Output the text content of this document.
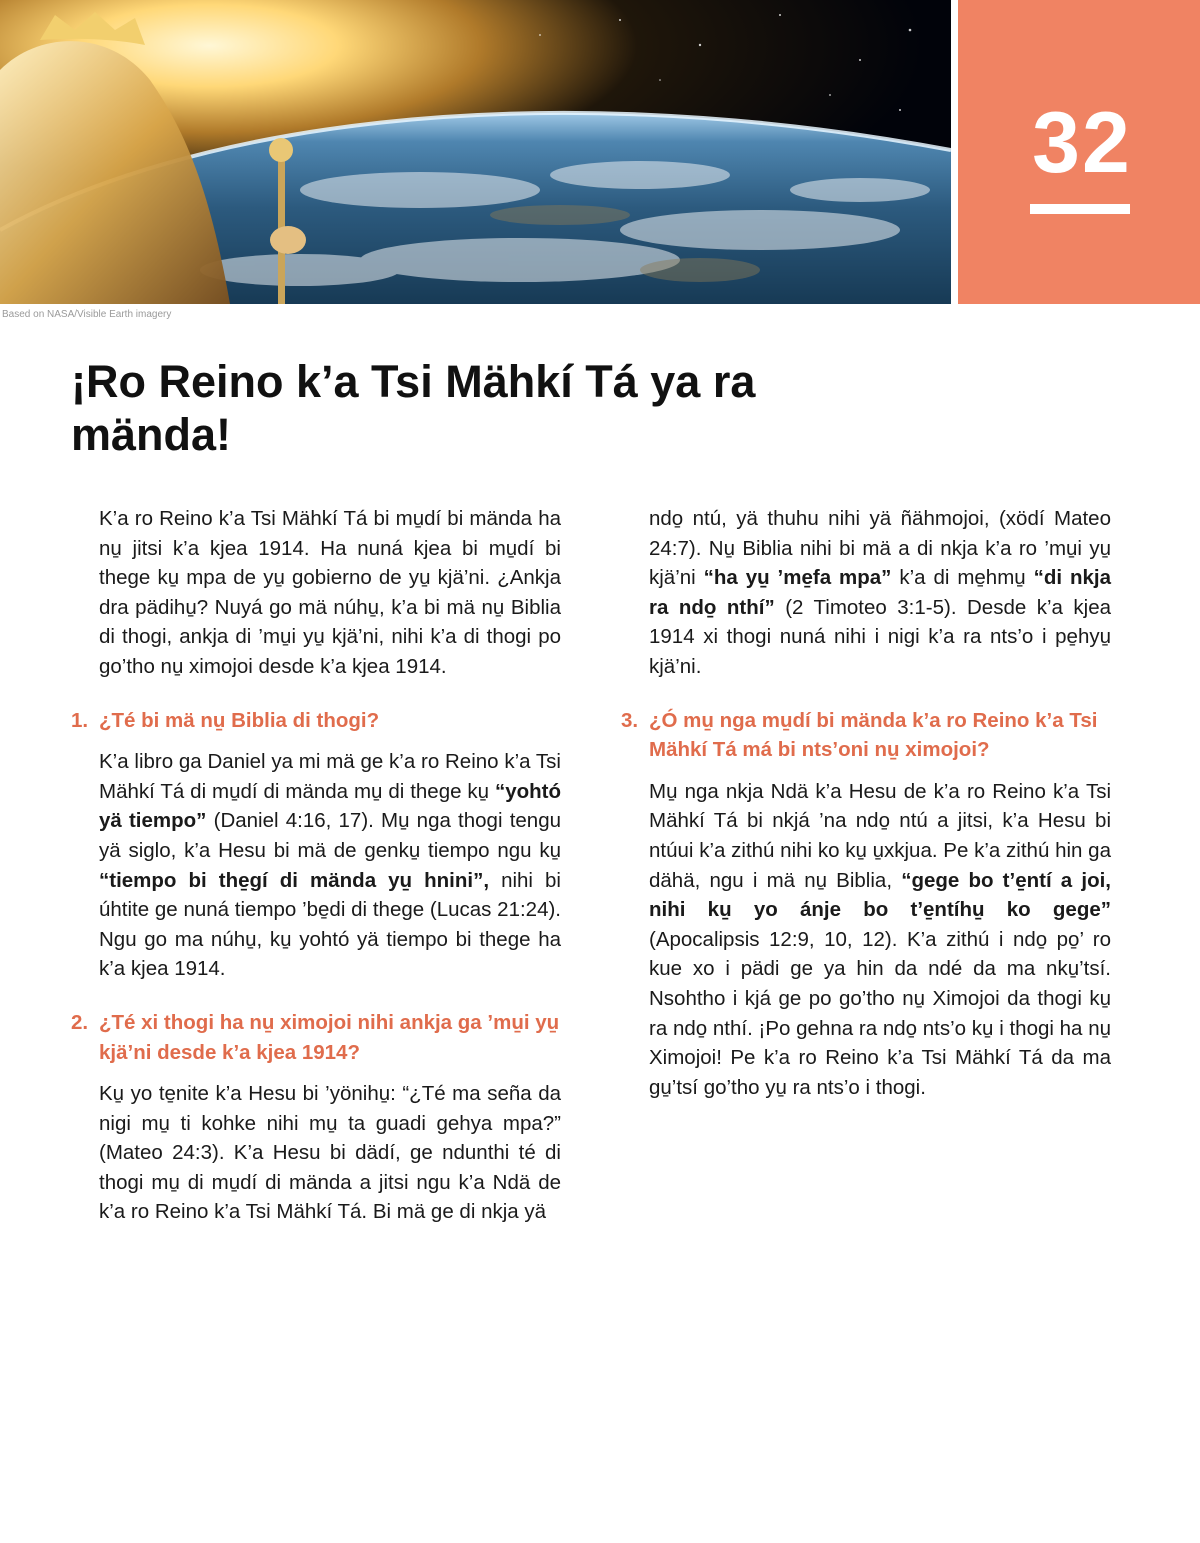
32
Based on NASA/Visible Earth imagery
¡Ro Reino k’a Tsi Mähkí Tá ya ra mända!

K’a ro Reino k’a Tsi Mähkí Tá bi mu̱dí bi mända ha nu̱ jitsi k’a kjea 1914. Ha nuná kjea bi mu̱dí bi thege ku̱ mpa de yu̱ gobierno de yu̱ kjä’ni. ¿Ankja dra pädihu̱? Nuyá go mä núhu̱, k’a bi mä nu̱ Biblia di thogi, ankja di ’mu̱i yu̱ kjä’ni, nihi k’a di thogi po go’tho nu̱ ximojoi desde k’a kjea 1914.

1. ¿Té bi mä nu̱ Biblia di thogi?

K’a libro ga Daniel ya mi mä ge k’a ro Reino k’a Tsi Mähkí Tá di mu̱dí di mända mu̱ di thege ku̱ “yohtó yä tiempo” (Daniel 4:16, 17). Mu̱ nga thogi tengu yä siglo, k’a Hesu bi mä de genku̱ tiempo ngu ku̱ “tiempo bi the̱gí di mända yu̱ hnini”, nihi bi úhtite ge nuná tiempo ’be̱di di thege (Lucas 21:24). Ngu go ma núhu̱, ku̱ yohtó yä tiempo bi thege ha k’a kjea 1914.

2. ¿Té xi thogi ha nu̱ ximojoi nihi ankja ga ’mu̱i yu̱ kjä’ni desde k’a kjea 1914?

Ku̱ yo te̱nite k’a Hesu bi ’yönihu̱: “¿Té ma seña da nigi mu̱ ti kohke nihi mu̱ ta guadi gehya mpa?” (Mateo 24:3). K’a Hesu bi dädí, ge ndunthi té di thogi mu̱ di mu̱dí di mända a jitsi ngu k’a Ndä de k’a ro Reino k’a Tsi Mähkí Tá. Bi mä ge di nkja yä

ndo̱ ntú, yä thuhu nihi yä ñähmojoi, (xödí Mateo 24:7). Nu̱ Biblia nihi bi mä a di nkja k’a ro ’mu̱i yu̱ kjä’ni “ha yu̱ ’me̱fa mpa” k’a di me̱hmu̱ “di nkja ra ndo̱ nthí” (2 Timoteo 3:1-5). Desde k’a kjea 1914 xi thogi nuná nihi i nigi k’a ra nts’o i pe̱hyu̱ kjä’ni.

3. ¿Ó mu̱ nga mu̱dí bi mända k’a ro Reino k’a Tsi Mähkí Tá má bi nts’oni nu̱ ximojoi?

Mu̱ nga nkja Ndä k’a Hesu de k’a ro Reino k’a Tsi Mähkí Tá bi nkjá ’na ndo̱ ntú a jitsi, k’a Hesu bi ntúui k’a zithú nihi ko ku̱ u̱xkjua. Pe k’a zithú hin ga dähä, ngu i mä nu̱ Biblia, “gege bo t’e̱ntí a joi, nihi ku̱ yo ánje bo t’e̱ntíhu̱ ko gege” (Apocalipsis 12:9, 10, 12). K’a zithú i ndo̱ po̱’ ro kue xo i pädi ge ya hin da ndé da ma nku̱’tsí. Nsohtho i kjá ge po go’tho nu̱ Ximojoi da thogi ku̱ ra ndo̱ nthí. ¡Po gehna ra ndo̱ nts’o ku̱ i thogi ha nu̱ Ximojoi! Pe k’a ro Reino k’a Tsi Mähkí Tá da ma gu̱’tsí go’tho yu̱ ra nts’o i thogi.
